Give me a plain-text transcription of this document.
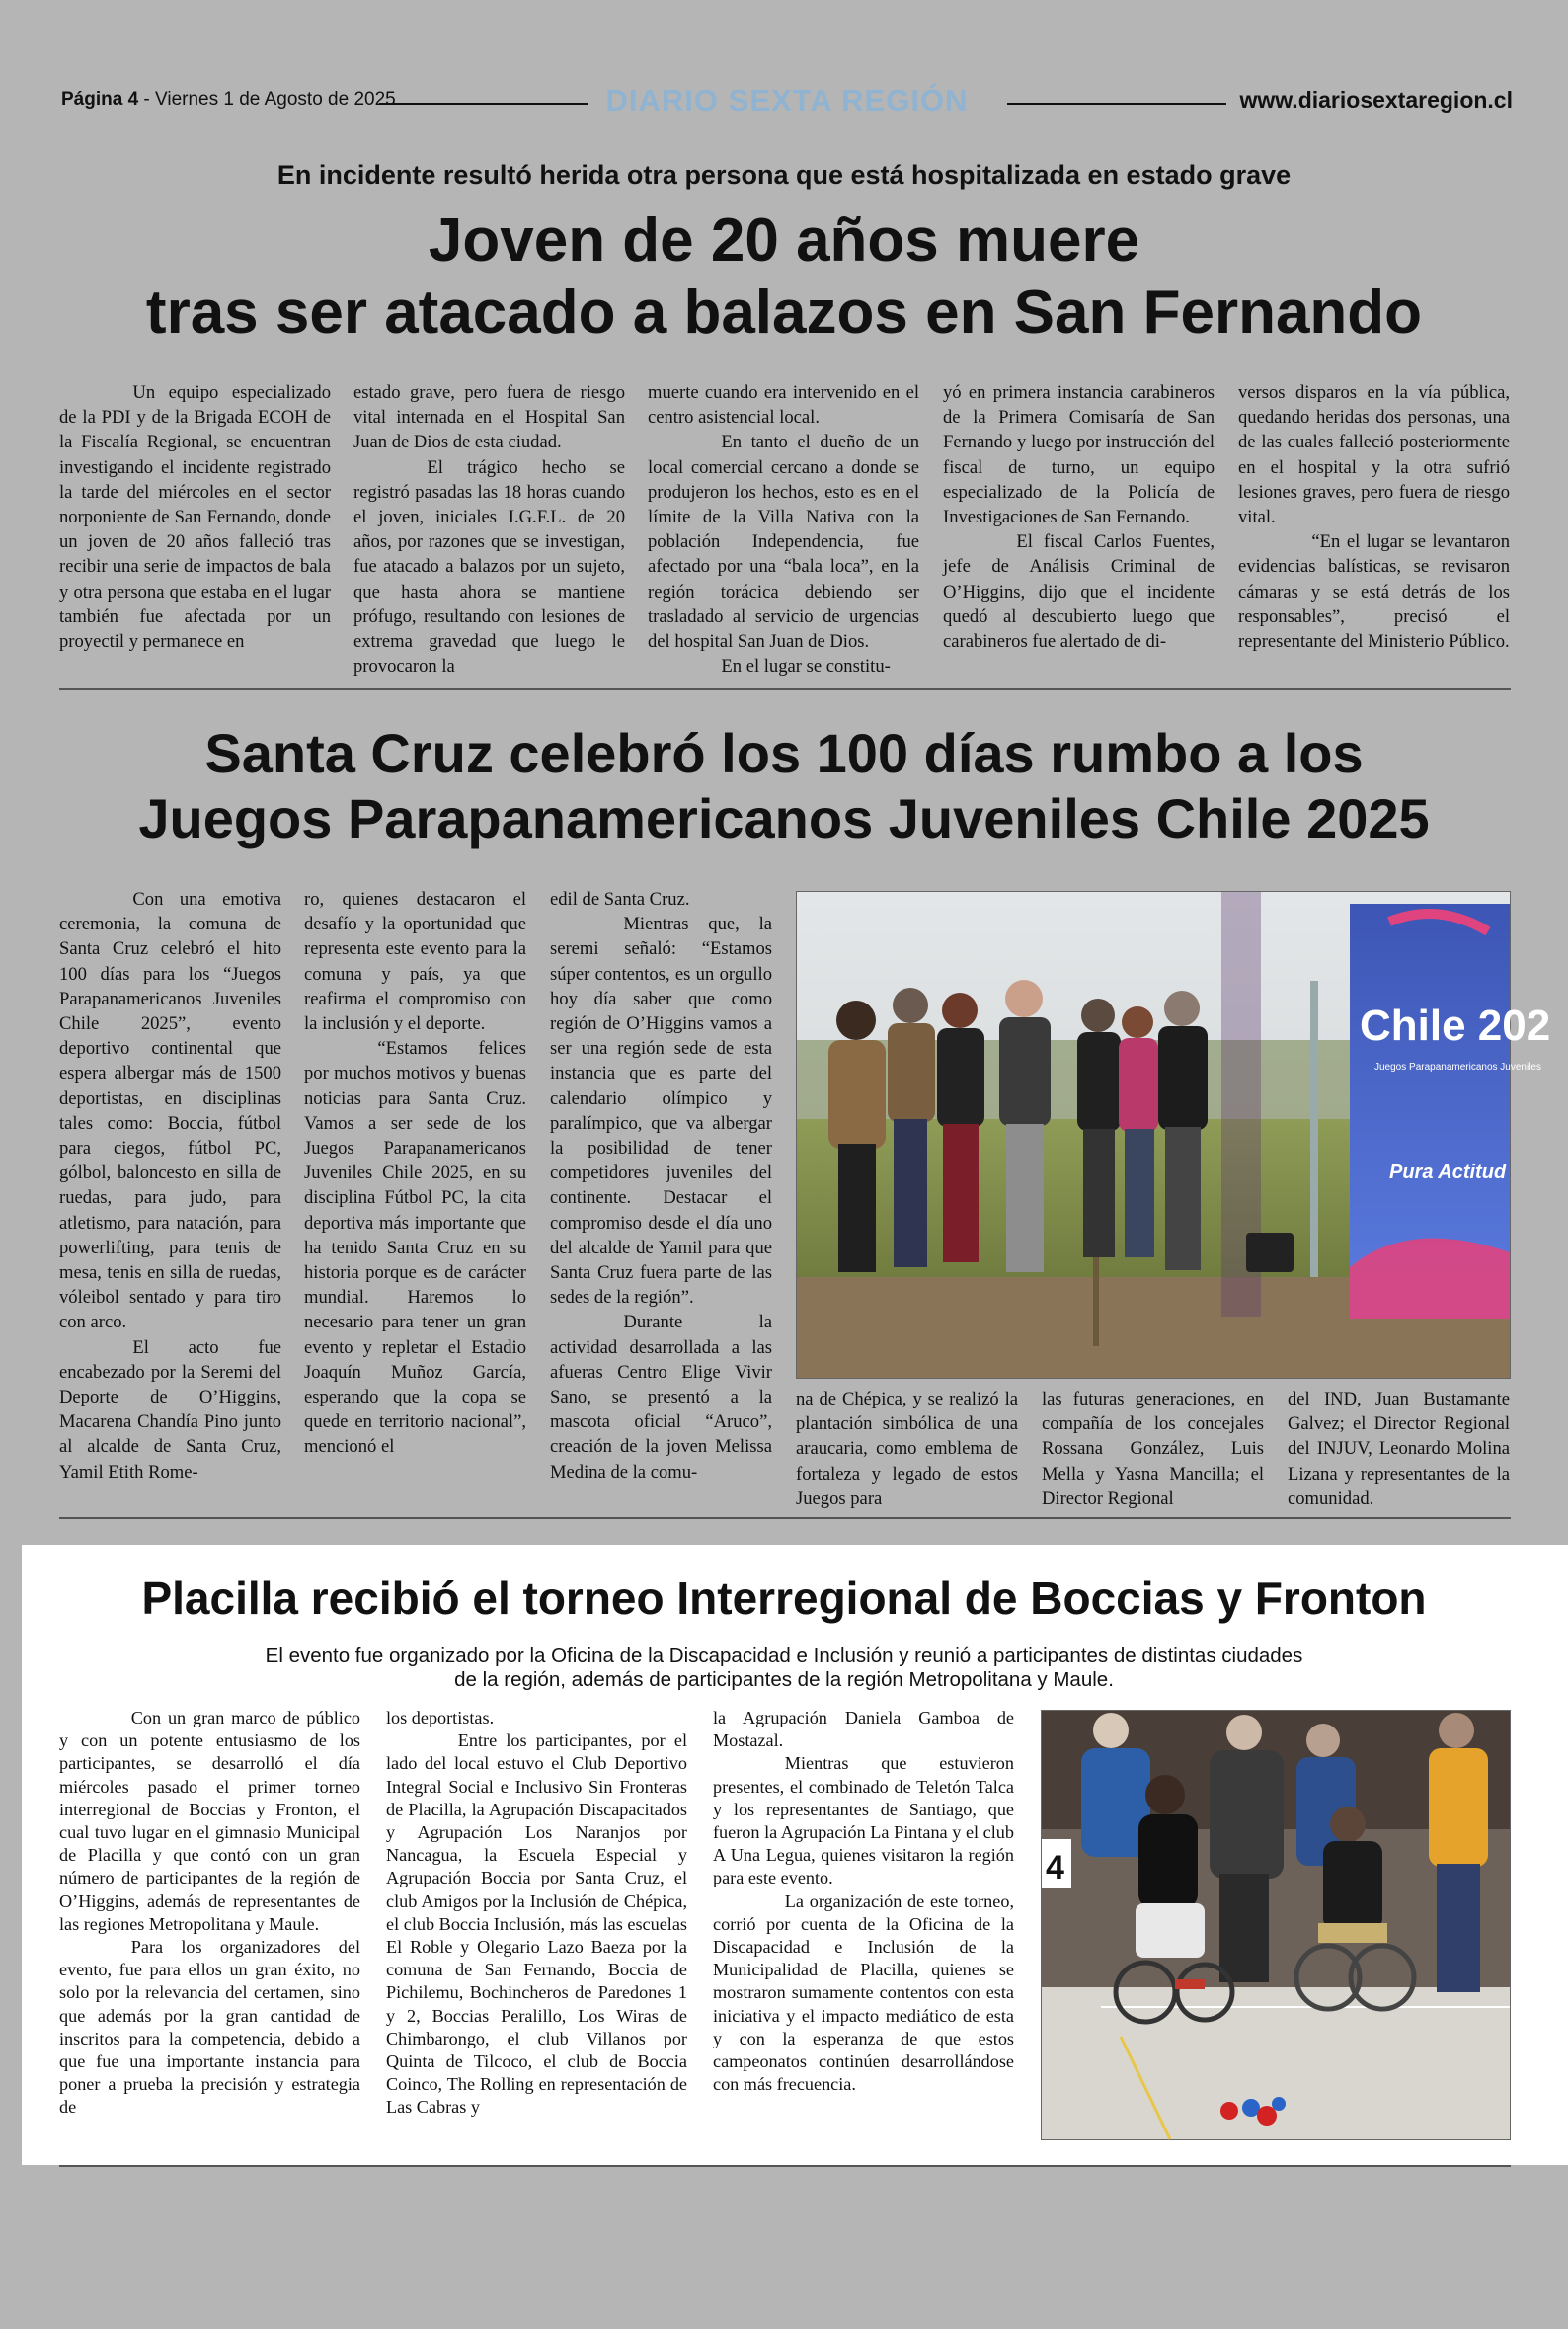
Página 4 - Viernes 1 de Agosto de 2025	DIARIO SEXTA REGIÓN	www.diariosextaregion.cl
En incidente resultó herida otra persona que está hospitalizada en estado grave
Joven de 20 años muere
tras ser atacado a balazos en San Fernando

Un equipo especializado de la PDI y de la Brigada ECOH de la Fiscalía Regional, se encuentran investigando el incidente registrado la tarde del miércoles en el sector norponiente de San Fernando, donde un joven de 20 años falleció tras recibir una serie de impactos de bala y otra persona que estaba en el lugar también fue afectada por un proyectil y permanece en

estado grave, pero fuera de riesgo vital internada en el Hospital San Juan de Dios de esta ciudad.

El trágico hecho se registró pasadas las 18 horas cuando el joven, iniciales I.G.F.L. de 20 años, por razones que se investigan, fue atacado a balazos por un sujeto, que hasta ahora se mantiene prófugo, resultando con lesiones de extrema gravedad que luego le provocaron la

muerte cuando era intervenido en el centro asistencial local.

En tanto el dueño de un local comercial cercano a donde se produjeron los hechos, esto es en el límite de la Villa Nativa con la población Independencia, fue afectado por una “bala loca”, en la región torácica debiendo ser trasladado al servicio de urgencias del hospital San Juan de Dios.

En el lugar se constitu-

yó en primera instancia carabineros de la Primera Comisaría de San Fernando y luego por instrucción del fiscal de turno, un equipo especializado de la Policía de Investigaciones de San Fernando.

El fiscal Carlos Fuentes, jefe de Análisis Criminal de O’Higgins, dijo que el incidente quedó al descubierto luego que carabineros fue alertado de di-

versos disparos en la vía pública, quedando heridas dos personas, una de las cuales falleció posteriormente en el hospital y la otra sufrió lesiones graves, pero fuera de riesgo vital.

“En el lugar se levantaron evidencias balísticas, se revisaron cámaras y se está detrás de los responsables”, precisó el representante del Ministerio Público.

Santa Cruz celebró los 100 días rumbo a los
Juegos Parapanamericanos Juveniles Chile 2025

Con una emotiva ceremonia, la comuna de Santa Cruz celebró el hito 100 días para los “Juegos Parapanamericanos Juveniles Chile 2025”, evento deportivo continental que espera albergar más de 1500 deportistas, en disciplinas tales como: Boccia, fútbol para ciegos, fútbol PC, gólbol, baloncesto en silla de ruedas, para judo, para atletismo, para natación, para powerlifting, para tenis de mesa, tenis en silla de ruedas, vóleibol sentado y para tiro con arco.

El acto fue encabezado por la Seremi del Deporte de O’Higgins, Macarena Chandía Pino junto al alcalde de Santa Cruz, Yamil Etith Rome-

ro, quienes destacaron el desafío y la oportunidad que representa este evento para la comuna y país, ya que reafirma el compromiso con la inclusión y el deporte.

“Estamos felices por muchos motivos y buenas noticias para Santa Cruz. Vamos a ser sede de los Juegos Parapanamericanos Juveniles Chile 2025, en su disciplina Fútbol PC, la cita deportiva más importante que ha tenido Santa Cruz en su historia porque es de carácter mundial. Haremos lo necesario para tener un gran evento y repletar el Estadio Joaquín Muñoz García, esperando que la copa se quede en territorio nacional”, mencionó el

edil de Santa Cruz.

Mientras que, la seremi señaló: “Estamos súper contentos, es un orgullo hoy día saber que como región de O’Higgins vamos a ser una región sede de esta instancia que es parte del calendario olímpico y paralímpico, que va albergar la posibilidad de tener competidores juveniles del continente. Destacar el compromiso desde el día uno del alcalde de Yamil para que Santa Cruz fuera parte de las sedes de la región”.

Durante la actividad desarrollada a las afueras Centro Elige Vivir Sano, se presentó a la mascota oficial “Aruco”, creación de la joven Melissa Medina de la comu-

Chile 202
Juegos Parapanamericanos Juveniles
Pura Actitud

na de Chépica, y se realizó la plantación simbólica de una araucaria, como emblema de fortaleza y legado de estos Juegos para

las futuras generaciones, en compañía de los concejales Rossana González, Luis Mella y Yasna Mancilla; el Director Regional

del IND, Juan Bustamante Galvez; el Director Regional del INJUV, Leonardo Molina Lizana y representantes de la comunidad.

Placilla recibió el torneo Interregional de Boccias y Fronton
El evento fue organizado por la Oficina de la Discapacidad e Inclusión y reunió a participantes de distintas ciudades
de la región, además de participantes de la región Metropolitana y Maule.

Con un gran marco de público y con un potente entusiasmo de los participantes, se desarrolló el día miércoles pasado el primer torneo interregional de Boccias y Fronton, el cual tuvo lugar en el gimnasio Municipal de Placilla y que contó con un gran número de participantes de la región de O’Higgins, además de representantes de las regiones Metropolitana y Maule.

Para los organizadores del evento, fue para ellos un gran éxito, no solo por la relevancia del certamen, sino que además por la gran cantidad de inscritos para la competencia, debido a que fue una importante instancia para poner a prueba la precisión y estrategia de

los deportistas.

Entre los participantes, por el lado del local estuvo el Club Deportivo Integral Social e Inclusivo Sin Fronteras de Placilla, la Agrupación Discapacitados y Agrupación Los Naranjos por Nancagua, la Escuela Especial y Agrupación Boccia por Santa Cruz, el club Amigos por la Inclusión de Chépica, el club Boccia Inclusión, más las escuelas El Roble y Olegario Lazo Baeza por la comuna de San Fernando, Boccia de Pichilemu, Bochincheros de Paredones 1 y 2, Boccias Peralillo, Los Wiras de Chimbarongo, el club Villanos por Quinta de Tilcoco, el club de Boccia Coinco, The Rolling en representación de Las Cabras y

la Agrupación Daniela Gamboa de Mostazal.

Mientras que estuvieron presentes, el combinado de Teletón Talca y los representantes de Santiago, que fueron la Agrupación La Pintana y el club A Una Legua, quienes visitaron la región para este evento.

La organización de este torneo, corrió por cuenta de la Oficina de la Discapacidad e Inclusión de la Municipalidad de Placilla, quienes se mostraron sumamente contentos con esta iniciativa y el impacto mediático de esta y con la esperanza de que estos campeonatos continúen desarrollándose con más frecuencia.

4
